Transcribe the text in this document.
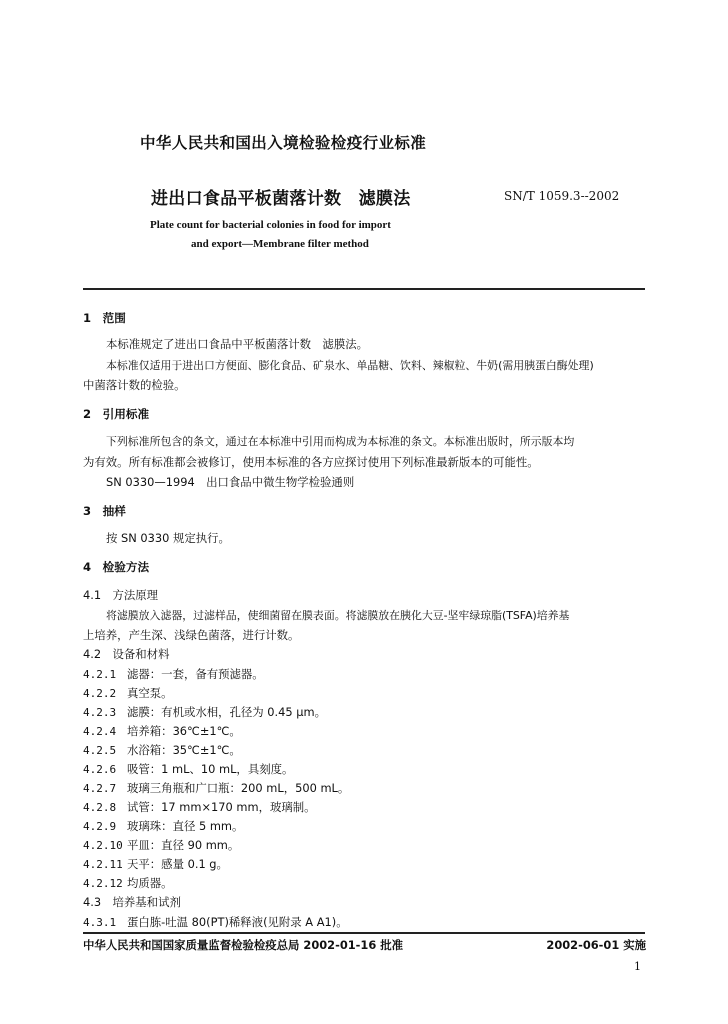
中华人民共和国出入境检验检疫行业标准
进出口食品平板菌落计数　滤膜法	SN/T 1059.3--2002
Plate count for bacterial colonies in food for import
and export—Membrane filter method
1　范围
本标准规定了进出口食品中平板菌落计数　滤膜法。
本标准仅适用于进出口方便面、膨化食品、矿泉水、单晶糖、饮料、辣椒粒、牛奶(需用胰蛋白酶处理)
中菌落计数的检验。
2　引用标准
下列标准所包含的条文，通过在本标准中引用而构成为本标准的条文。本标准出版时，所示版本均
为有效。所有标准都会被修订，使用本标准的各方应探讨使用下列标准最新版本的可能性。
SN 0330—1994　出口食品中微生物学检验通则
3　抽样
按 SN 0330 规定执行。
4　检验方法
4.1　方法原理
将滤膜放入滤器，过滤样品，使细菌留在膜表面。将滤膜放在胰化大豆-坚牢绿琼脂(TSFA)培养基
上培养，产生深、浅绿色菌落，进行计数。
4.2　设备和材料
4.2.1 滤器：一套，备有预滤器。
4.2.2 真空泵。
4.2.3 滤膜：有机或水相，孔径为 0.45 μm。
4.2.4 培养箱：36℃±1℃。
4.2.5 水浴箱：35℃±1℃。
4.2.6 吸管：1 mL、10 mL，具刻度。
4.2.7 玻璃三角瓶和广口瓶：200 mL，500 mL。
4.2.8 试管：17 mm×170 mm，玻璃制。
4.2.9 玻璃珠：直径 5 mm。
4.2.10 平皿：直径 90 mm。
4.2.11 天平：感量 0.1 g。
4.2.12 均质器。
4.3　培养基和试剂
4.3.1 蛋白胨-吐温 80(PT)稀释液(见附录 A A1)。
中华人民共和国国家质量监督检验检疫总局 2002-01-16 批准	2002-06-01 实施
1
